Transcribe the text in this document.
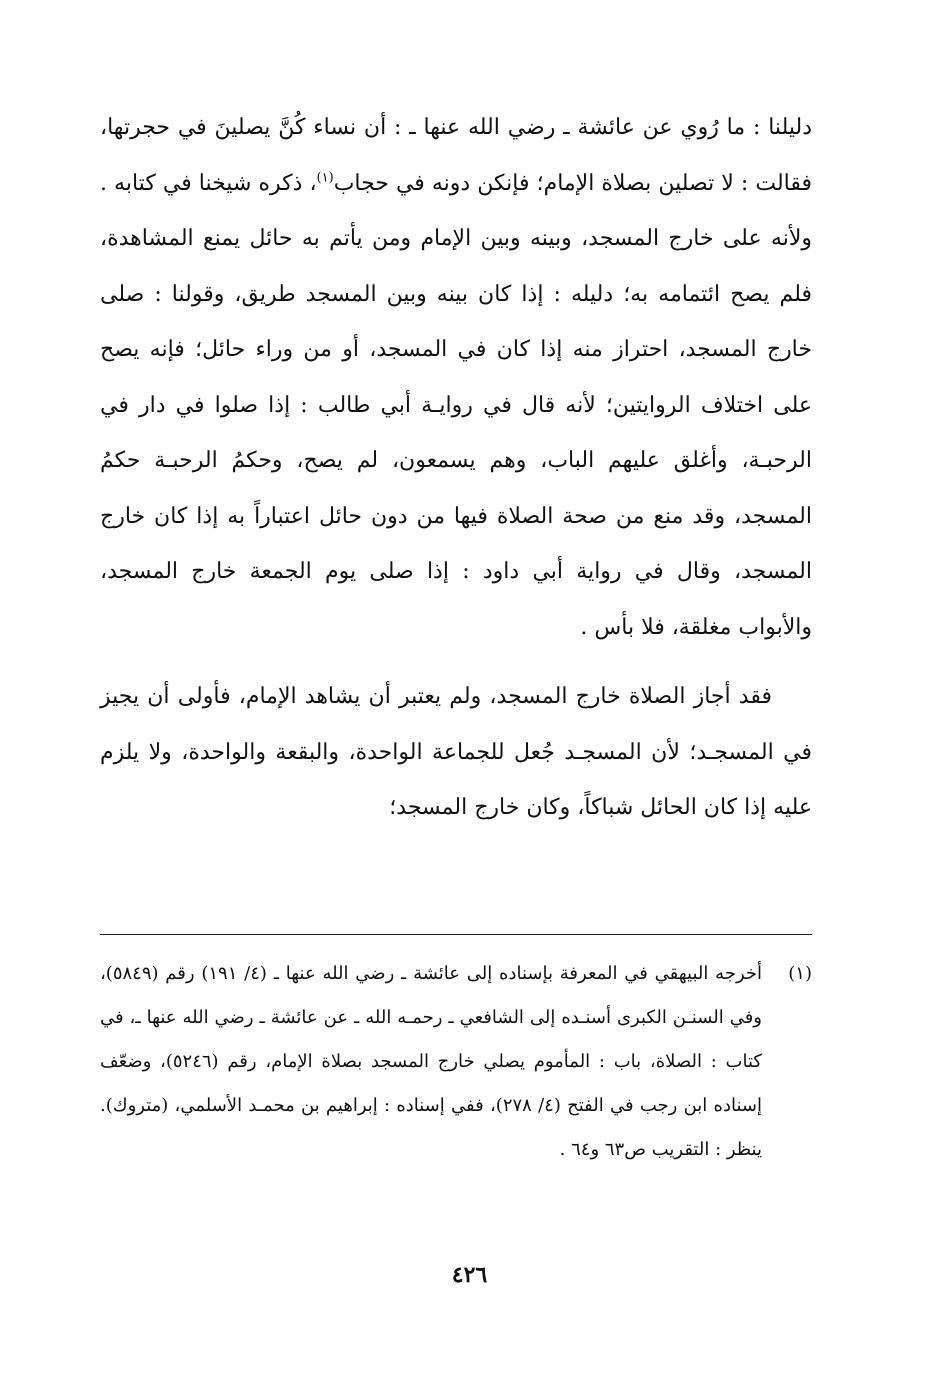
دليلنا : ما رُوي عن عائشة ـ رضي الله عنها ـ : أن نساء كُنَّ يصلينَ في حجرتها، فقالت : لا تصلين بصلاة الإمام؛ فإنكن دونه في حجاب$^{(١)}$، ذكره شيخنا في كتابه . ولأنه على خارج المسجد، وبينه وبين الإمام ومن يأتم به حائل يمنع المشاهدة، فلم يصح ائتمامه به؛ دليله : إذا كان بينه وبين المسجد طريق، وقولنا : صلى خارج المسجد، احتراز منه إذا كان في المسجد، أو من وراء حائل؛ فإنه يصح على اختلاف الروايتين؛ لأنه قال في روايـة أبي طالب : إذا صلوا في دار في الرحبـة، وأغلق عليهم الباب، وهم يسمعون، لم يصح، وحكمُ الرحبـة حكمُ المسجد، وقد منع من صحة الصلاة فيها من دون حائل اعتباراً به إذا كان خارج المسجد، وقال في رواية أبي داود : إذا صلى يوم الجمعة خارج المسجد، والأبواب مغلقة، فلا بأس .

فقد أجاز الصلاة خارج المسجد، ولم يعتبر أن يشاهد الإمام، فأولى أن يجيز في المسجـد؛ لأن المسجـد جُعل للجماعة الواحدة، والبقعة والواحدة، ولا يلزم عليه إذا كان الحائل شباكاً، وكان خارج المسجد؛

(١)
أخرجه البيهقي في المعرفة بإسناده إلى عائشة ـ رضي الله عنها ـ (٤/ ١٩١) رقم (٥٨٤٩)، وفي السنـن الكبرى أسنـده إلى الشافعي ـ رحمـه الله ـ عن عائشة ـ رضي الله عنها ـ، في كتاب : الصلاة، باب : المأموم يصلي خارج المسجد بصلاة الإمام، رقم (٥٢٤٦)، وضعّف إسناده ابن رجب في الفتح (٤/ ٢٧٨)، ففي إسناده : إبراهيم بن محمـد الأسلمي، (متروك). ينظر : التقريب ص٦٣ و٦٤ .
٤٢٦
